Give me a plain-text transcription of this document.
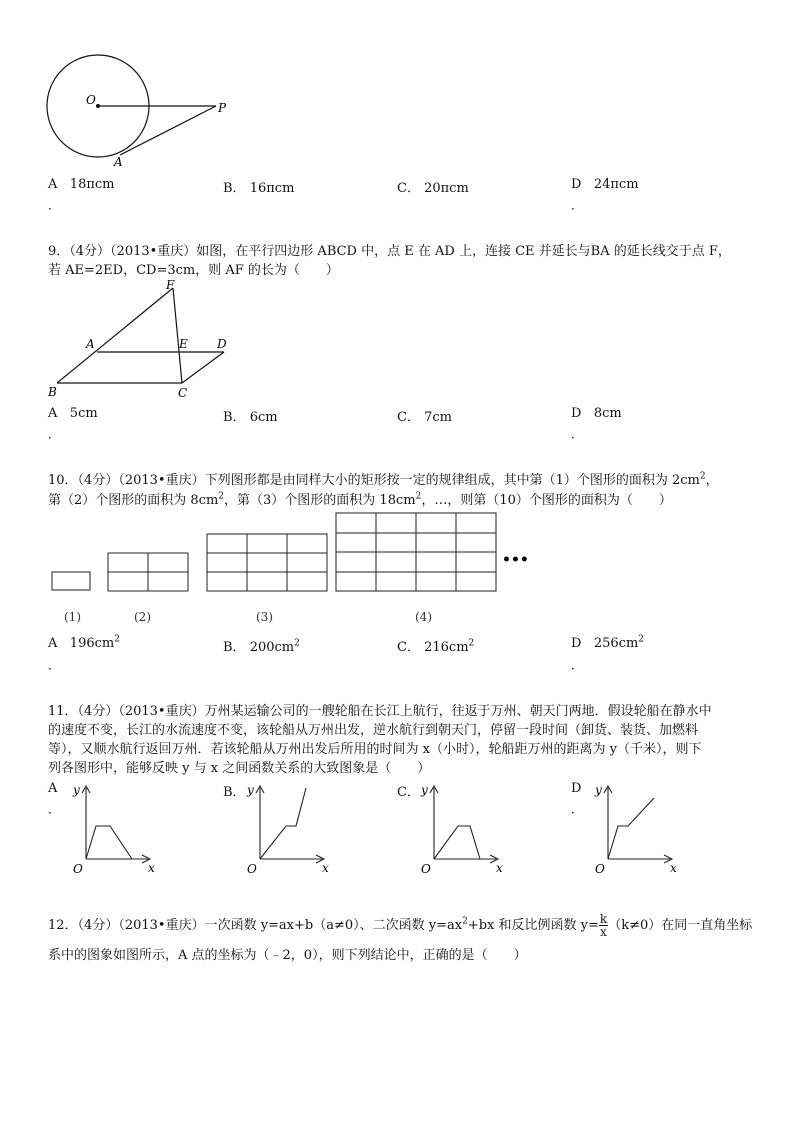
O
P
A
A 18πcm
．
B． 16πcm	C． 20πcm	D 24πcm
．
9．（4分）（2013•重庆）如图，在平行四边形 ABCD 中，点 E 在 AD 上，连接 CE 并延长与BA 的延长线交于点 F，
若 AE=2ED，CD=3cm，则 AF 的长为（　　）
F
A	E D
B	C
A 5cm
．
B． 6cm	C． 7cm	D 8cm
．
10．（4分）（2013•重庆）下列图形都是由同样大小的矩形按一定的规律组成，其中第（1）个图形的面积为 $2cm^2$，
第（2）个图形的面积为 $8cm^2$，第（3）个图形的面积为 $18cm^2$，…，则第（10）个图形的面积为（　　）
•••
(1)	(2)	(3)	(4)
A $196cm^2$
．
B． $200cm^2$	C． $216cm^2$	D $256cm^2$
．
11．（4分）（2013•重庆）万州某运输公司的一艘轮船在长江上航行，往返于万州、朝天门两地．假设轮船在静水中
的速度不变，长江的水流速度不变，该轮船从万州出发，逆水航行到朝天门，停留一段时间（卸货、装货、加燃料
等），又顺水航行返回万州．若该轮船从万州出发后所用的时间为 x（小时），轮船距万州的距离为 y（千米），则下
列各图形中，能够反映 y 与 x 之间函数关系的大致图象是（　　）
A
．
B．	C．	D
．
y
x
O
y
x
O
y
x
O
y
x
O
12．（4分）（2013•重庆）一次函数 y=ax+b（a≠0）、二次函数 $y=ax^2+bx$ 和反比例函数 $y= \frac{k}{x} (k\ne 0)$在同一直角坐标
系中的图象如图所示，A 点的坐标为（﹣2，0），则下列结论中，正确的是（　　）
